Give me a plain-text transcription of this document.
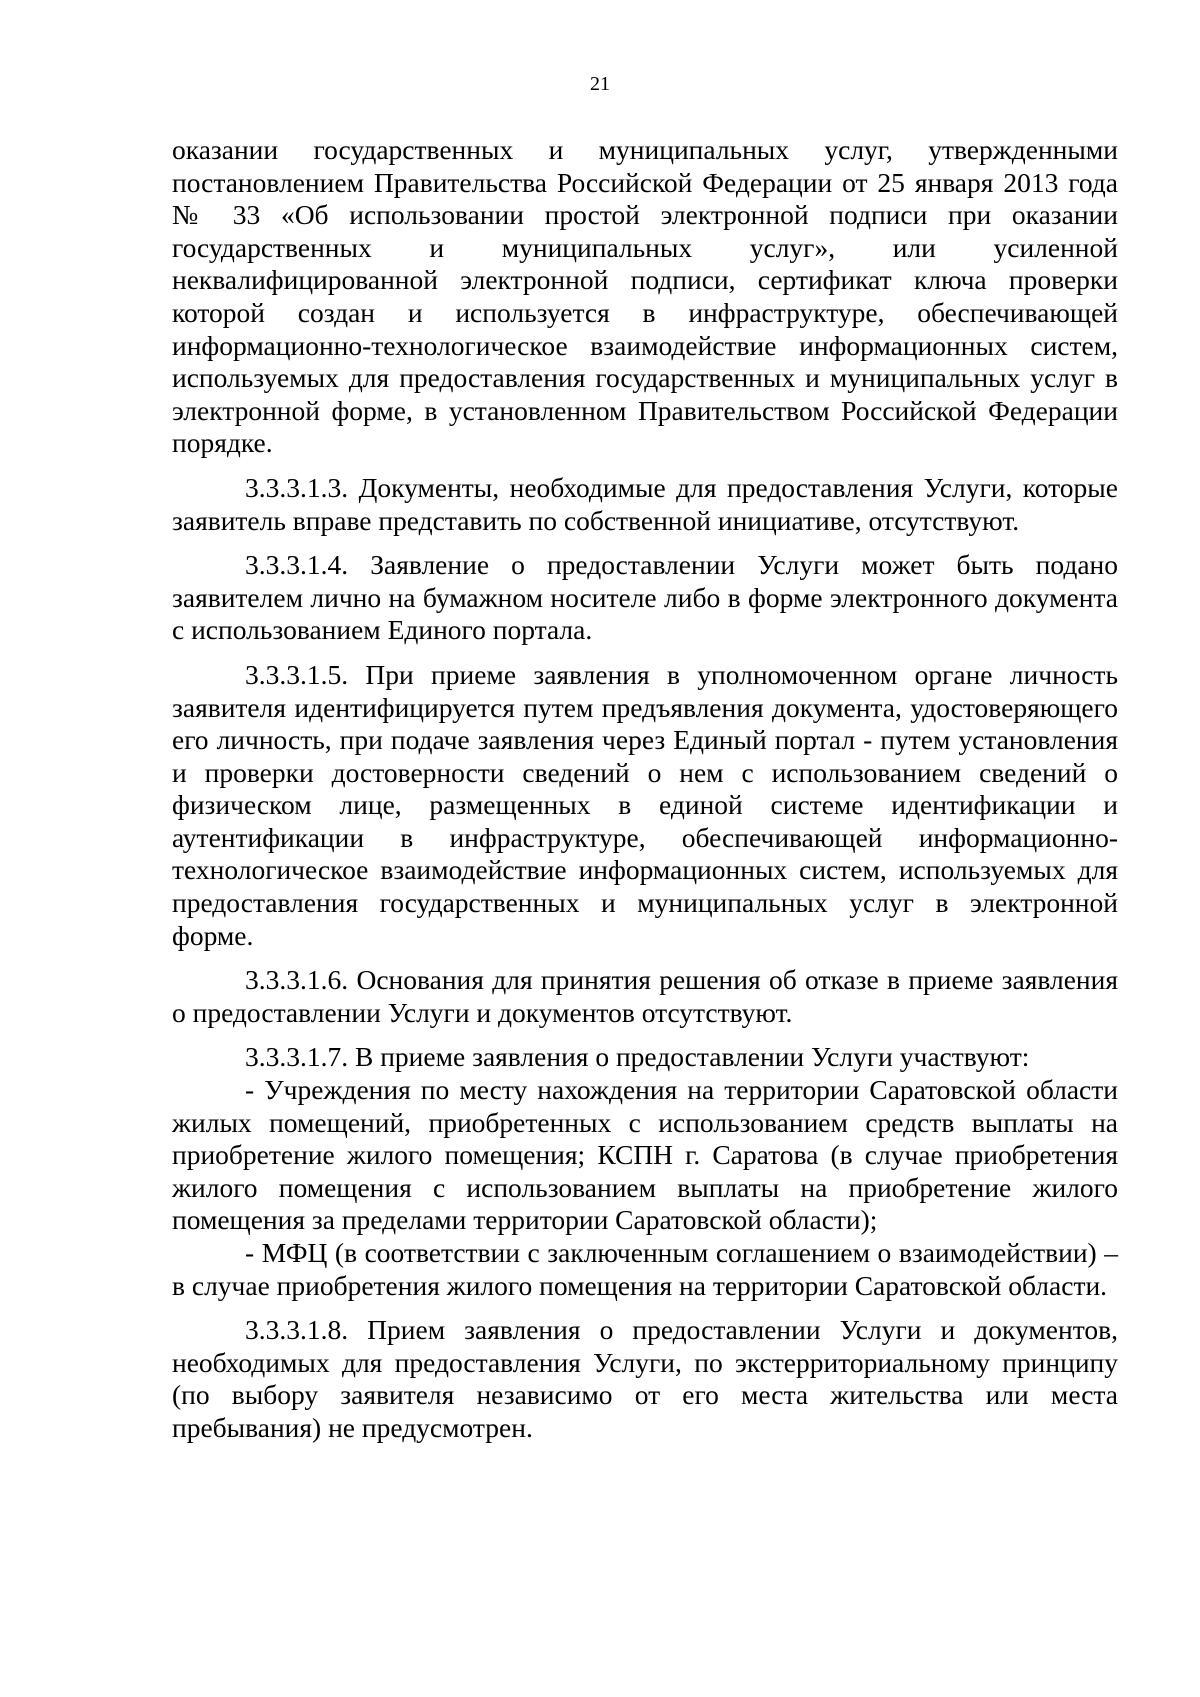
21

оказании государственных и муниципальных услуг, утвержденными постановлением Правительства Российской Федерации от 25 января 2013 года № 33 «Об использовании простой электронной подписи при оказании государственных и муниципальных услуг», или усиленной неквалифицированной электронной подписи, сертификат ключа проверки которой создан и используется в инфраструктуре, обеспечивающей информационно-технологическое взаимодействие информационных систем, используемых для предоставления государственных и муниципальных услуг в электронной форме, в установленном Правительством Российской Федерации порядке.

3.3.3.1.3. Документы, необходимые для предоставления Услуги, которые заявитель вправе представить по собственной инициативе, отсутствуют.

3.3.3.1.4. Заявление о предоставлении Услуги может быть подано заявителем лично на бумажном носителе либо в форме электронного документа с использованием Единого портала.

3.3.3.1.5. При приеме заявления в уполномоченном органе личность заявителя идентифицируется путем предъявления документа, удостоверяющего его личность, при подаче заявления через Единый портал - путем установления и проверки достоверности сведений о нем с использованием сведений о физическом лице, размещенных в единой системе идентификации и аутентификации в инфраструктуре, обеспечивающей информационно-технологическое взаимодействие информационных систем, используемых для предоставления государственных и муниципальных услуг в электронной форме.

3.3.3.1.6. Основания для принятия решения об отказе в приеме заявления о предоставлении Услуги и документов отсутствуют.

3.3.3.1.7. В приеме заявления о предоставлении Услуги участвуют:

- Учреждения по месту нахождения на территории Саратовской области жилых помещений, приобретенных с использованием средств выплаты на приобретение жилого помещения; КСПН г. Саратова (в случае приобретения жилого помещения с использованием выплаты на приобретение жилого помещения за пределами территории Саратовской области);

- МФЦ (в соответствии с заключенным соглашением о взаимодействии) – в случае приобретения жилого помещения на территории Саратовской области.

3.3.3.1.8. Прием заявления о предоставлении Услуги и документов, необходимых для предоставления Услуги, по экстерриториальному принципу (по выбору заявителя независимо от его места жительства или места пребывания) не предусмотрен.
